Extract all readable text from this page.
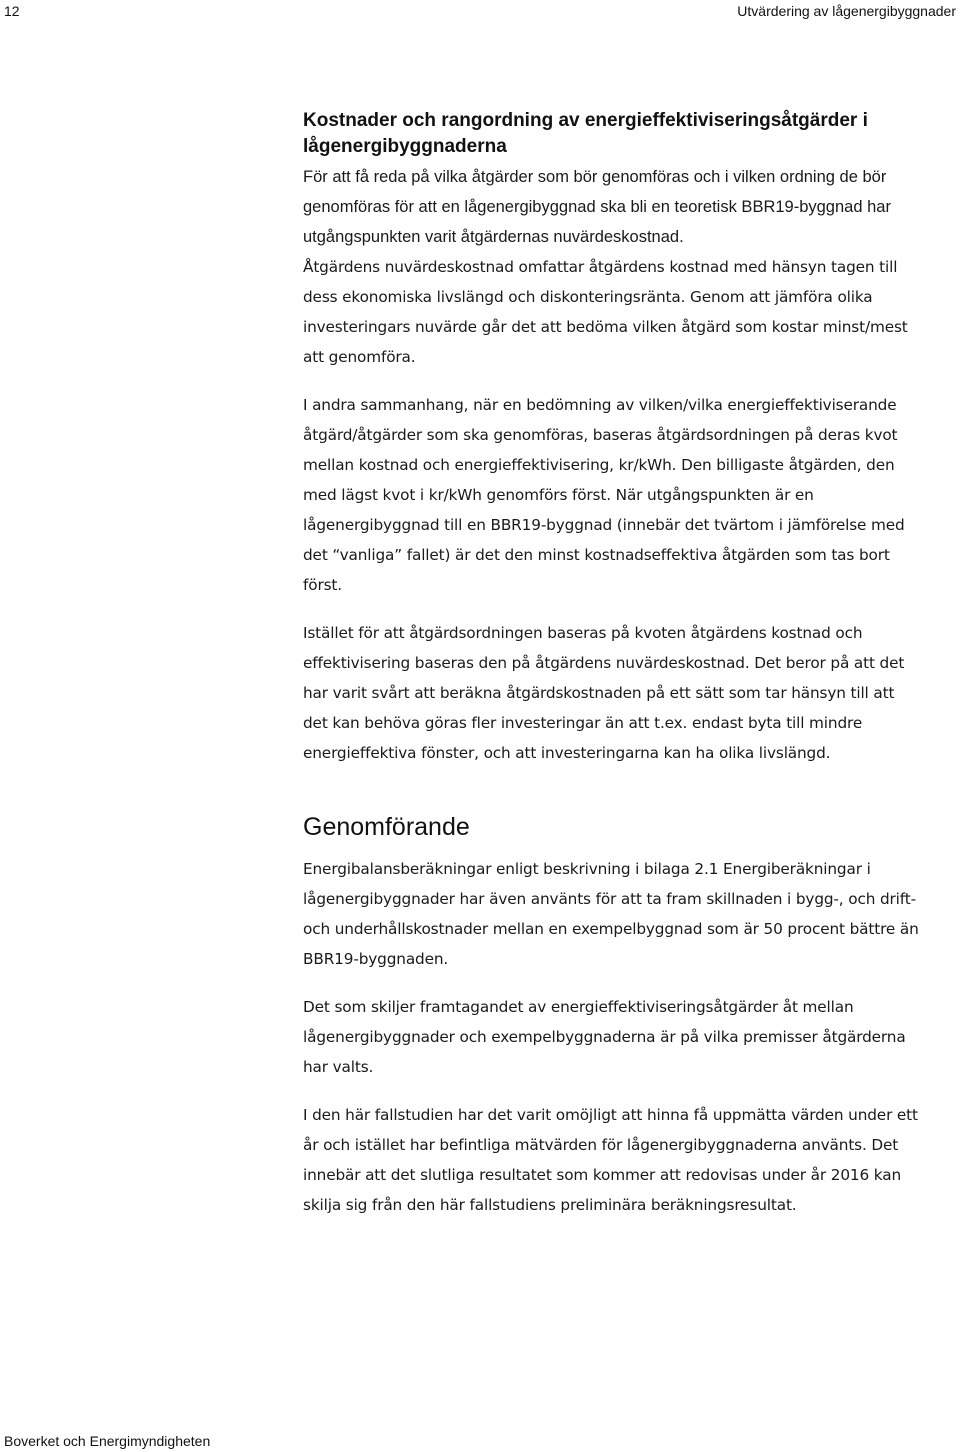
12	Utvärdering av lågenergibyggnader
Kostnader och rangordning av energieffektiviseringsåtgärder i lågenergibyggnaderna

För att få reda på vilka åtgärder som bör genomföras och i vilken ordning de bör genomföras för att en lågenergibyggnad ska bli en teoretisk BBR19-byggnad har utgångspunkten varit åtgärdernas nuvärdeskostnad.

Åtgärdens nuvärdeskostnad omfattar åtgärdens kostnad med hänsyn tagen till dess ekonomiska livslängd och diskonteringsränta. Genom att jämföra olika investeringars nuvärde går det att bedöma vilken åtgärd som kostar minst/mest att genomföra.

I andra sammanhang, när en bedömning av vilken/vilka energieffektiviserande åtgärd/åtgärder som ska genomföras, baseras åtgärdsordningen på deras kvot mellan kostnad och energieffektivisering, kr/kWh. Den billigaste åtgärden, den med lägst kvot i kr/kWh genomförs först. När utgångspunkten är en lågenergibyggnad till en BBR19-byggnad (innebär det tvärtom i jämförelse med det “vanliga” fallet) är det den minst kostnadseffektiva åtgärden som tas bort först.

Istället för att åtgärdsordningen baseras på kvoten åtgärdens kostnad och effektivisering baseras den på åtgärdens nuvärdeskostnad. Det beror på att det har varit svårt att beräkna åtgärdskostnaden på ett sätt som tar hänsyn till att det kan behöva göras fler investeringar än att t.ex. endast byta till mindre energieffektiva fönster, och att investeringarna kan ha olika livslängd.

Genomförande

Energibalansberäkningar enligt beskrivning i bilaga 2.1 Energiberäkningar i lågenergibyggnader har även använts för att ta fram skillnaden i bygg-, och drift- och underhållskostnader mellan en exempelbyggnad som är 50 procent bättre än BBR19-byggnaden.

Det som skiljer framtagandet av energieffektiviseringsåtgärder åt mellan lågenergibyggnader och exempelbyggnaderna är på vilka premisser åtgärderna har valts.

I den här fallstudien har det varit omöjligt att hinna få uppmätta värden under ett år och istället har befintliga mätvärden för lågenergibyggnaderna använts. Det innebär att det slutliga resultatet som kommer att redovisas under år 2016 kan skilja sig från den här fallstudiens preliminära beräkningsresultat.

Boverket och Energimyndigheten
